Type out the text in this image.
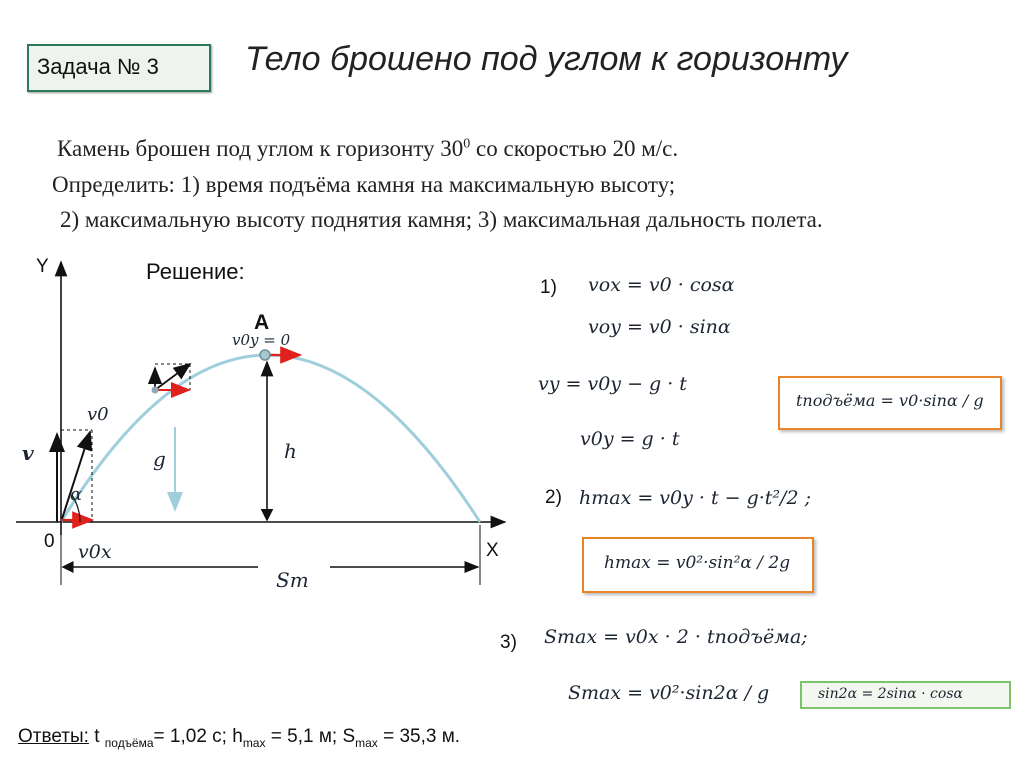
Задача № 3	Тело брошено под углом к горизонту
Камень брошен под углом к горизонту $30^0$ со скоростью 20 м/с.
Определить: 1) время подъёма камня на максимальную высоту;
2) максимальную высоту поднятия камня; 3) максимальная дальность полета.
Решение:
Y
X
0
A
v0y = 0
v0
α
g	h
v
v0x
Sm
1) vox = v0 · cosα
voy = v0 · sinα
vy = v0y − g · t
v0y = g · t
2) hmax = v0y · t − g·t²/2 ;
3) Smax = v0x · 2 · tподъёма;
Smax = v0²·sin2α / g
tподъёма = v0·sinα / g
hmax = v0²·sin²α / 2g
sin2α = 2sinα · cosα
Ответы: t $_{подъёма}$= 1,02 с; $h_{max} = 5,1$ м; $S_{max} = 35,3$ м.
